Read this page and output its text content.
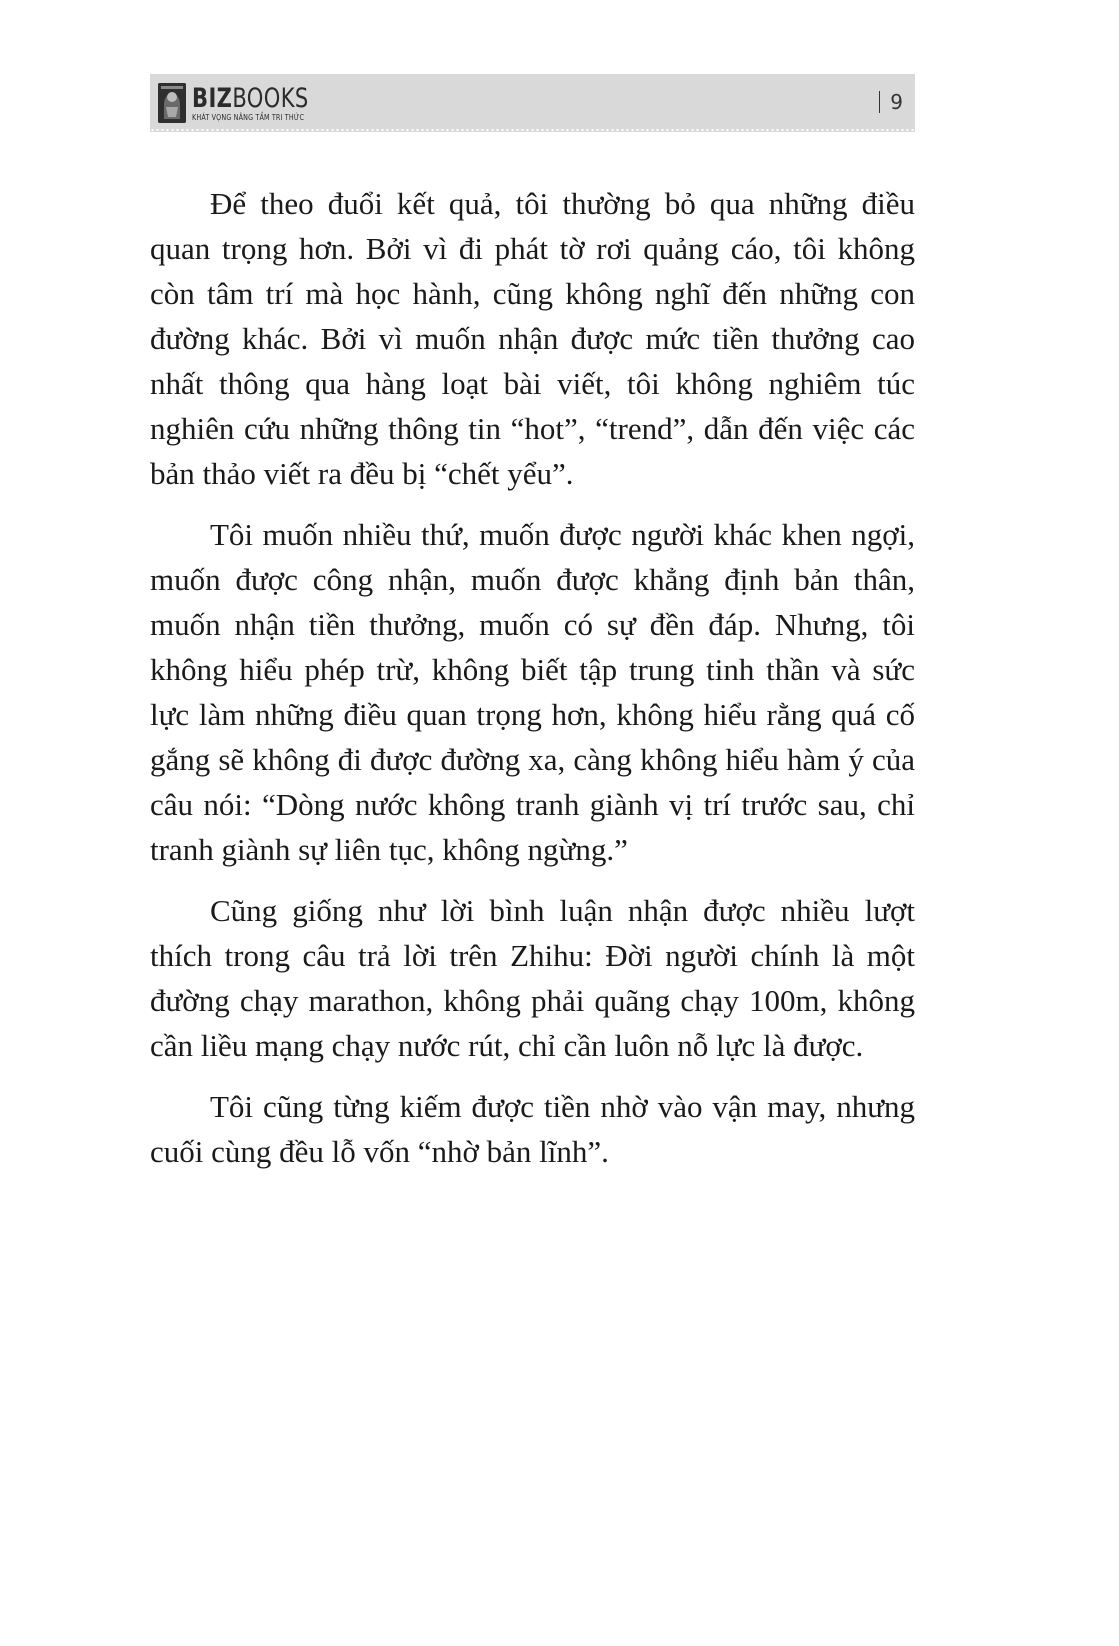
BIZBOOKS
KHÁT VỌNG NÂNG TẦM TRI THỨC
9

Để theo đuổi kết quả, tôi thường bỏ qua những điều quan trọng hơn. Bởi vì đi phát tờ rơi quảng cáo, tôi không còn tâm trí mà học hành, cũng không nghĩ đến những con đường khác. Bởi vì muốn nhận được mức tiền thưởng cao nhất thông qua hàng loạt bài viết, tôi không nghiêm túc nghiên cứu những thông tin “hot”, “trend”, dẫn đến việc các bản thảo viết ra đều bị “chết yểu”.

Tôi muốn nhiều thứ, muốn được người khác khen ngợi, muốn được công nhận, muốn được khẳng định bản thân, muốn nhận tiền thưởng, muốn có sự đền đáp. Nhưng, tôi không hiểu phép trừ, không biết tập trung tinh thần và sức lực làm những điều quan trọng hơn, không hiểu rằng quá cố gắng sẽ không đi được đường xa, càng không hiểu hàm ý của câu nói: “Dòng nước không tranh giành vị trí trước sau, chỉ tranh giành sự liên tục, không ngừng.”

Cũng giống như lời bình luận nhận được nhiều lượt thích trong câu trả lời trên Zhihu: Đời người chính là một đường chạy marathon, không phải quãng chạy 100m, không cần liều mạng chạy nước rút, chỉ cần luôn nỗ lực là được.

Tôi cũng từng kiếm được tiền nhờ vào vận may, nhưng cuối cùng đều lỗ vốn “nhờ bản lĩnh”.
